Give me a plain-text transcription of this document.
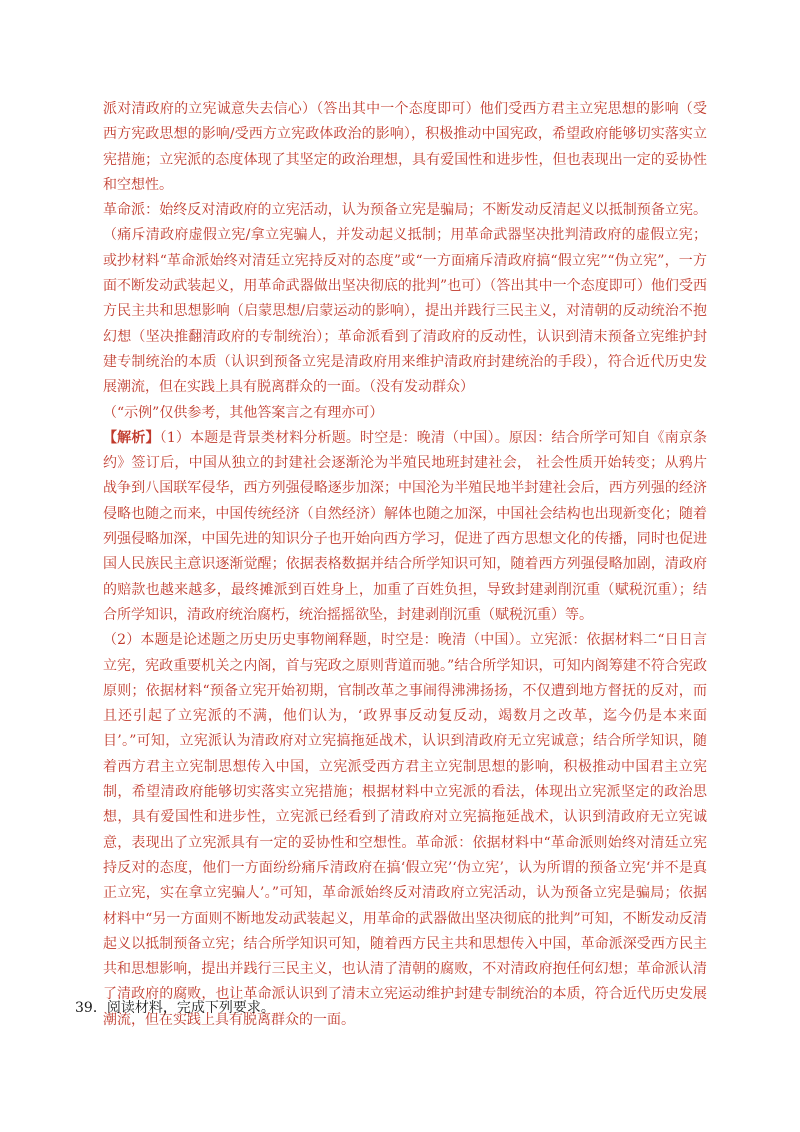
派对清政府的立宪诚意失去信心）（答出其中一个态度即可）他们受西方君主立宪思想的影响（受西方宪政思想的影响/受西方立宪政体政治的影响），积极推动中国宪政，希望政府能够切实落实立宪措施；立宪派的态度体现了其坚定的政治理想，具有爱国性和进步性，但也表现出一定的妥协性和空想性。

革命派：始终反对清政府的立宪活动，认为预备立宪是骗局；不断发动反清起义以抵制预备立宪。（痛斥清政府虚假立宪/拿立宪骗人，并发动起义抵制；用革命武器坚决批判清政府的虚假立宪；或抄材料“革命派始终对清廷立宪持反对的态度”或“一方面痛斥清政府搞“假立宪”“伪立宪”，一方面不断发动武装起义，用革命武器做出坚决彻底的批判”也可）（答出其中一个态度即可）他们受西方民主共和思想影响（启蒙思想/启蒙运动的影响），提出并践行三民主义，对清朝的反动统治不抱幻想（坚决推翻清政府的专制统治）；革命派看到了清政府的反动性，认识到清末预备立宪维护封建专制统治的本质（认识到预备立宪是清政府用来维护清政府封建统治的手段），符合近代历史发展潮流，但在实践上具有脱离群众的一面。（没有发动群众）

（“示例”仅供参考，其他答案言之有理亦可）

【解析】（1）本题是背景类材料分析题。时空是：晚清（中国）。原因：结合所学可知自《南京条约》签订后，中国从独立的封建社会逐渐沦为半殖民地班封建社会， 社会性质开始转变；从鸦片战争到八国联军侵华，西方列强侵略逐步加深；中国沦为半殖民地半封建社会后，西方列强的经济侵略也随之而来，中国传统经济（自然经济）解体也随之加深，中国社会结构也出现新变化；随着列强侵略加深，中国先进的知识分子也开始向西方学习，促进了西方思想文化的传播，同时也促进国人民族民主意识逐渐觉醒；依据表格数据并结合所学知识可知，随着西方列强侵略加剧，清政府的赔款也越来越多，最终摊派到百姓身上，加重了百姓负担，导致封建剥削沉重（赋税沉重）；结合所学知识，清政府统治腐朽，统治摇摇欲坠，封建剥削沉重（赋税沉重）等。

（2）本题是论述题之历史历史事物阐释题，时空是：晚清（中国）。立宪派：依据材料二“日日言立宪，宪政重要机关之内阁，首与宪政之原则背道而驰。”结合所学知识，可知内阁筹建不符合宪政原则；依据材料“预备立宪开始初期，官制改革之事闹得沸沸扬扬，不仅遭到地方督抚的反对，而且还引起了立宪派的不满，他们认为，‘政界事反动复反动，竭数月之改革，迄今仍是本来面目’。”可知，立宪派认为清政府对立宪搞拖延战术，认识到清政府无立宪诚意；结合所学知识，随着西方君主立宪制思想传入中国，立宪派受西方君主立宪制思想的影响，积极推动中国君主立宪制，希望清政府能够切实落实立宪措施；根据材料中立宪派的看法，体现出立宪派坚定的政治思想，具有爱国性和进步性，立宪派已经看到了清政府对立宪搞拖延战术，认识到清政府无立宪诚意，表现出了立宪派具有一定的妥协性和空想性。革命派：依据材料中“革命派则始终对清廷立宪持反对的态度，他们一方面纷纷痛斥清政府在搞‘假立宪’‘伪立宪’，认为所谓的预备立宪‘并不是真正立宪，实在拿立宪骗人’。”可知，革命派始终反对清政府立宪活动，认为预备立宪是骗局；依据材料中“另一方面则不断地发动武装起义，用革命的武器做出坚决彻底的批判”可知，不断发动反清起义以抵制预备立宪；结合所学知识可知，随着西方民主共和思想传入中国，革命派深受西方民主共和思想影响，提出并践行三民主义，也认清了清朝的腐败，不对清政府抱任何幻想；革命派认清了清政府的腐败，也让革命派认识到了清末立宪运动维护封建专制统治的本质，符合近代历史发展潮流，但在实践上具有脱离群众的一面。

39．阅读材料，完成下列要求。
